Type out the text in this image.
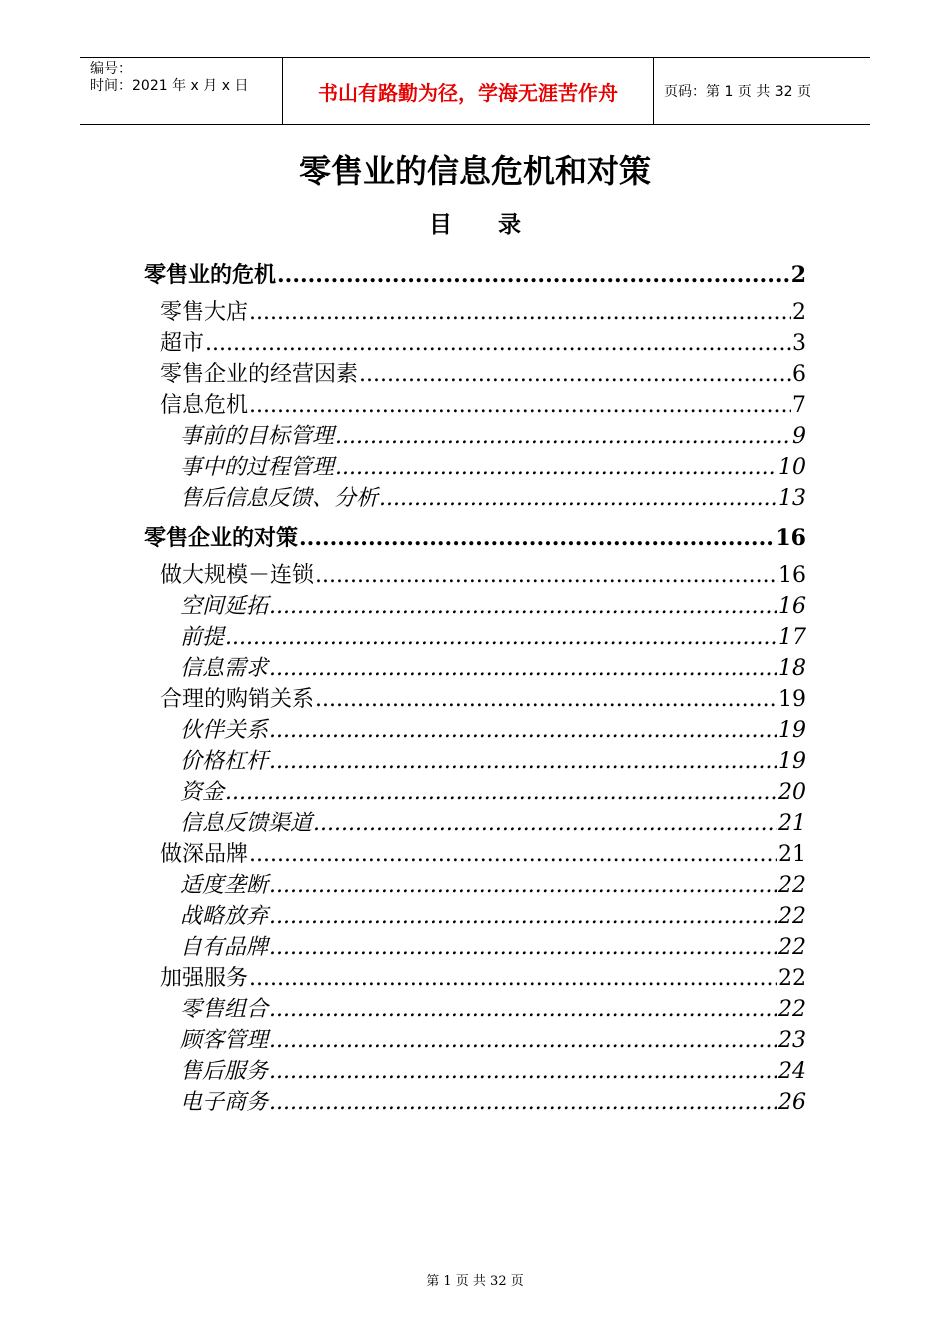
编号：
时间：2021 年 x 月 x 日	书山有路勤为径，学海无涯苦作舟	页码：第 1 页 共 32 页
零售业的信息危机和对策
目 录
零售业的危机 .....	2
零售大店 .....	2
超市 .....	3
零售企业的经营因素 .....	6
信息危机 .....	7
事前的目标管理 .....	9
事中的过程管理 .....	10
售后信息反馈、分析 .....	13
零售企业的对策 .....	16
做大规模－连锁 .....	16
空间延拓 .....	16
前提 .....	17
信息需求 .....	18
合理的购销关系 .....	19
伙伴关系 .....	19
价格杠杆 .....	19
资金 .....	20
信息反馈渠道 .....	21
做深品牌 .....	21
适度垄断 .....	22
战略放弃 .....	22
自有品牌 .....	22
加强服务 .....	22
零售组合 .....	22
顾客管理 .....	23
售后服务 .....	24
电子商务 .....	26
第 1 页 共 32 页
